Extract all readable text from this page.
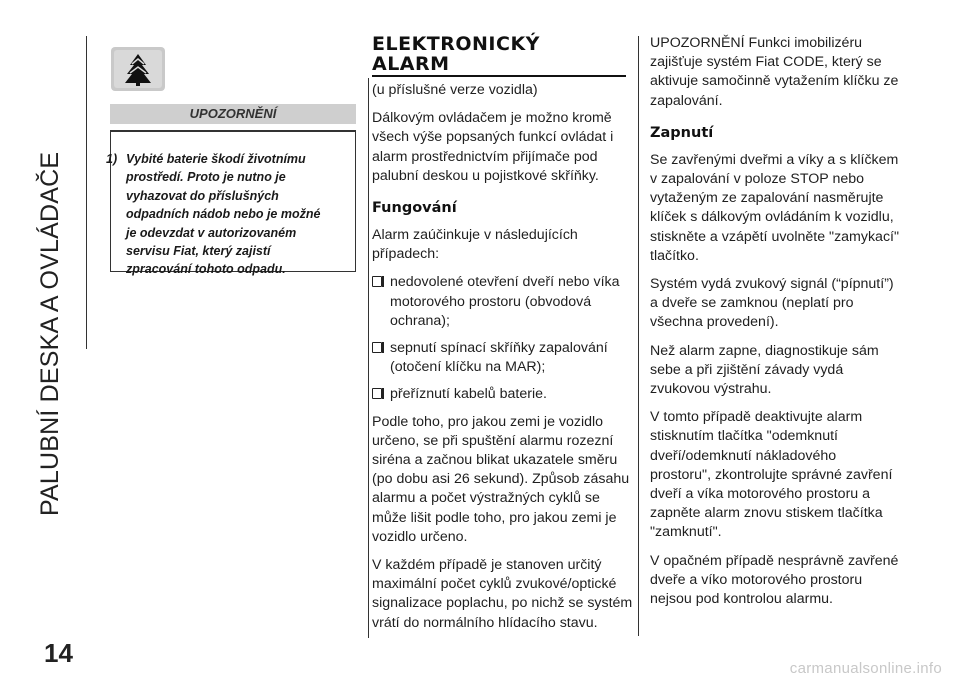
PALUBNÍ DESKA A OVLÁDAČE
UPOZORNĚNÍ
1) Vybité baterie škodí životnímu
prostředí. Proto je nutno je
vyhazovat do příslušných
odpadních nádob nebo je možné
je odevzdat v autorizovaném
servisu Fiat, který zajistí
zpracování tohoto odpadu.
ELEKTRONICKÝ
ALARM

(u příslušné verze vozidla)

Dálkovým ovládačem je možno kromě všech výše popsaných funkcí ovládat i alarm prostřednictvím přijímače pod palubní deskou u pojistkové skříňky.

Fungování

Alarm zaúčinkuje v následujících případech:

nedovolené otevření dveří nebo víka motorového prostoru (obvodová ochrana);
sepnutí spínací skříňky zapalování (otočení klíčku na MAR);
přeříznutí kabelů baterie.

Podle toho, pro jakou zemi je vozidlo určeno, se při spuštění alarmu rozezní siréna a začnou blikat ukazatele směru (po dobu asi 26 sekund). Způsob zásahu alarmu a počet výstražných cyklů se může lišit podle toho, pro jakou zemi je vozidlo určeno.

V každém případě je stanoven určitý maximální počet cyklů zvukové/optické signalizace poplachu, po nichž se systém vrátí do normálního hlídacího stavu.

UPOZORNĚNÍ Funkci imobilizéru zajišťuje systém Fiat CODE, který se aktivuje samočinně vytažením klíčku ze zapalování.

Zapnutí

Se zavřenými dveřmi a víky a s klíčkem v zapalování v poloze STOP nebo vytaženým ze zapalování nasměrujte klíček s dálkovým ovládáním k vozidlu, stiskněte a vzápětí uvolněte "zamykací" tlačítko.

Systém vydá zvukový signál (“pípnutí”) a dveře se zamknou (neplatí pro všechna provedení).

Než alarm zapne, diagnostikuje sám sebe a při zjištění závady vydá zvukovou výstrahu.

V tomto případě deaktivujte alarm stisknutím tlačítka "odemknutí dveří/odemknutí nákladového prostoru", zkontrolujte správné zavření dveří a víka motorového prostoru a zapněte alarm znovu stiskem tlačítka "zamknutí".

V opačném případě nesprávně zavřené dveře a víko motorového prostoru nejsou pod kontrolou alarmu.

14
carmanualsonline.info
